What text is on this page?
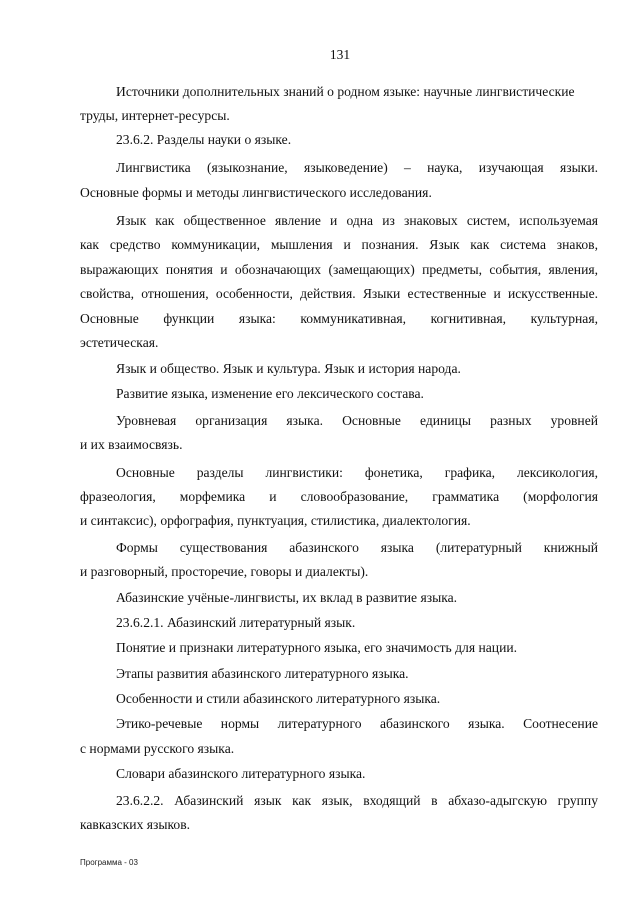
131
Источники дополнительных знаний о родном языке: научные лингвистические
труды, интернет-ресурсы.
23.6.2. Разделы науки о языке.
Лингвистика (языкознание, языковедение) – наука, изучающая языки.
Основные формы и методы лингвистического исследования.
Язык как общественное явление и одна из знаковых систем, используемая
как средство коммуникации, мышления и познания. Язык как система знаков,
выражающих понятия и обозначающих (замещающих) предметы, события, явления,
свойства, отношения, особенности, действия. Языки естественные и искусственные.
Основные функции языка: коммуникативная, когнитивная, культурная,
эстетическая.
Язык и общество. Язык и культура. Язык и история народа.
Развитие языка, изменение его лексического состава.
Уровневая организация языка. Основные единицы разных уровней
и их взаимосвязь.
Основные разделы лингвистики: фонетика, графика, лексикология,
фразеология, морфемика и словообразование, грамматика (морфология
и синтаксис), орфография, пунктуация, стилистика, диалектология.
Формы существования абазинского языка (литературный книжный
и разговорный, просторечие, говоры и диалекты).
Абазинские учёные-лингвисты, их вклад в развитие языка.
23.6.2.1. Абазинский литературный язык.
Понятие и признаки литературного языка, его значимость для нации.
Этапы развития абазинского литературного языка.
Особенности и стили абазинского литературного языка.
Этико-речевые нормы литературного абазинского языка. Соотнесение
с нормами русского языка.
Словари абазинского литературного языка.
23.6.2.2. Абазинский язык как язык, входящий в абхазо-адыгскую группу
кавказских языков.
Программа - 03
